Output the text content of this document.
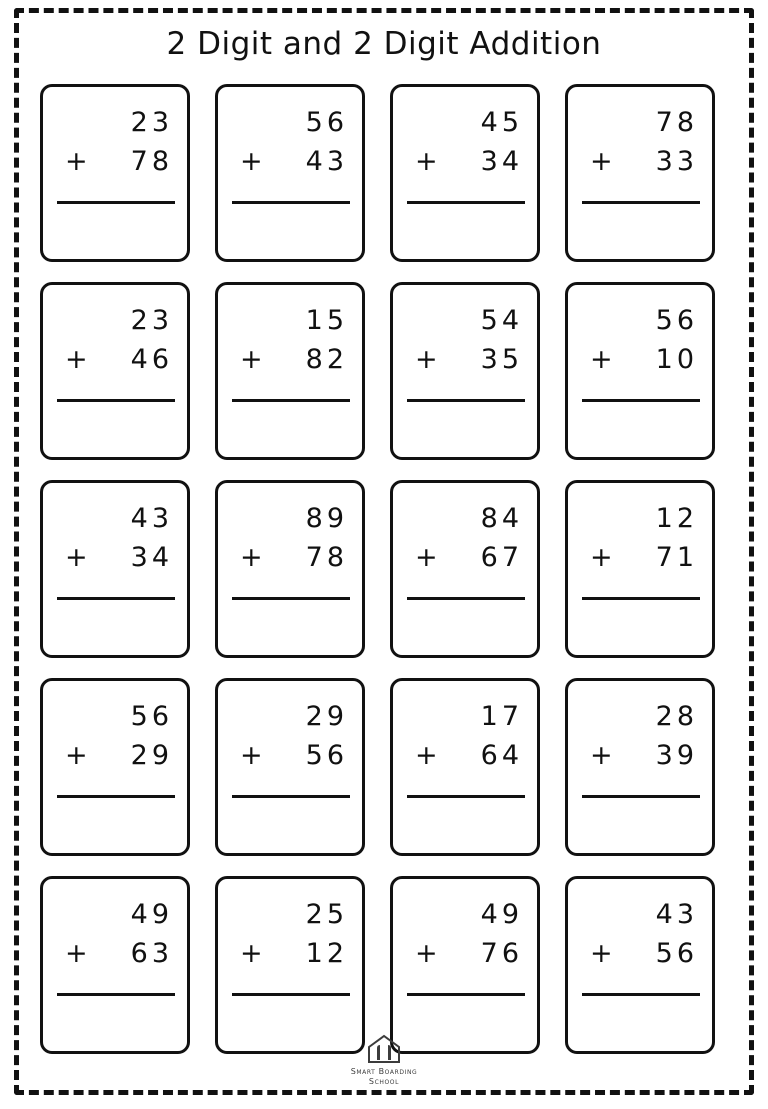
2 Digit and 2 Digit Addition
23
+ 78
56
+ 43
45
+ 34
78
+ 33
23
+ 46
15
+ 82
54
+ 35
56
+ 10
43
+ 34
89
+ 78
84
+ 67
12
+ 71
56
+ 29
29
+ 56
17
+ 64
28
+ 39
49
+ 63
25
+ 12
49
+ 76
43
+ 56
Smart Boarding
School
